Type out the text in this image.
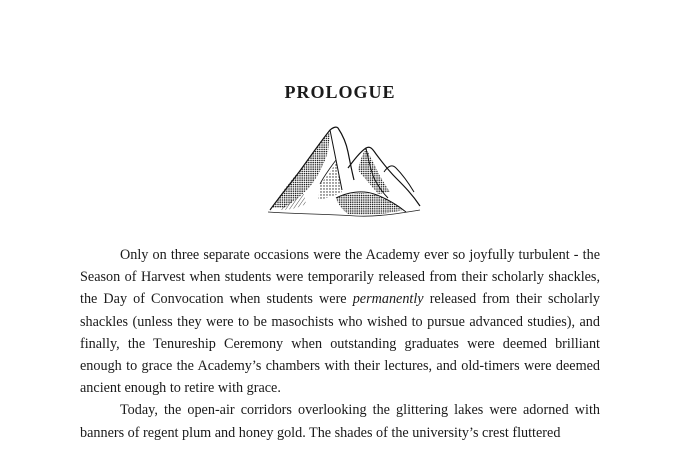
PROLOGUE

Only on three separate occasions were the Academy ever so joyfully turbulent - the Season of Harvest when students were temporarily released from their scholarly shackles, the Day of Convocation when students were permanently released from their scholarly shackles (unless they were to be masochists who wished to pursue advanced studies), and finally, the Tenureship Ceremony when outstanding graduates were deemed brilliant enough to grace the Academy’s chambers with their lectures, and old-timers were deemed ancient enough to retire with grace.

Today, the open-air corridors overlooking the glittering lakes were adorned with banners of regent plum and honey gold. The shades of the university’s crest fluttered
